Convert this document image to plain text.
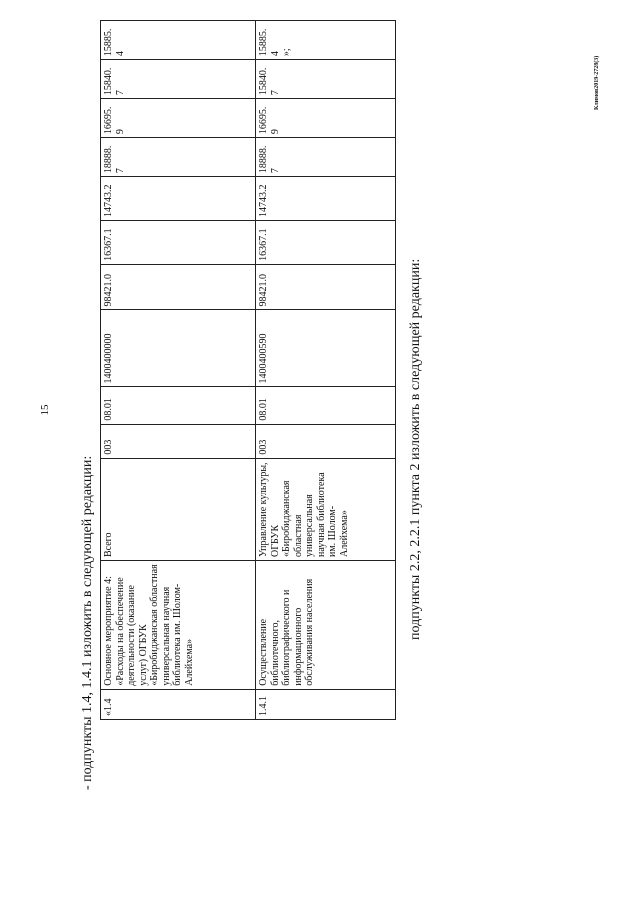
15
Климов2019-2728(3)
- подпункты 1.4, 1.4.1 изложить в следующей редакции: «1.4	Основное мероприятие 4: «Расходы на обеспечение деятельности (оказание услуг) ОГБУК «Биробиджанская областная универсальная научная библиотека им. Шолом-Алейхема»	Всего	003	08.01	1400400000	98421.0	16367.1	14743.2	18888.7	16695.9	15840.7	15885.4
1.4.1	Осуществление библиотечного, библиографического и информационного обслуживания населения	Управление культуры, ОГБУК «Биробиджанская областная универсальная научная библиотека им. Шолом-Алейхема»	003	08.01	1400400590	98421.0	16367.1	14743.2	18888.7	16695.9	15840.7	15885.4
»;
подпункты 2.2, 2.2.1 пункта 2 изложить в следующей редакции:
